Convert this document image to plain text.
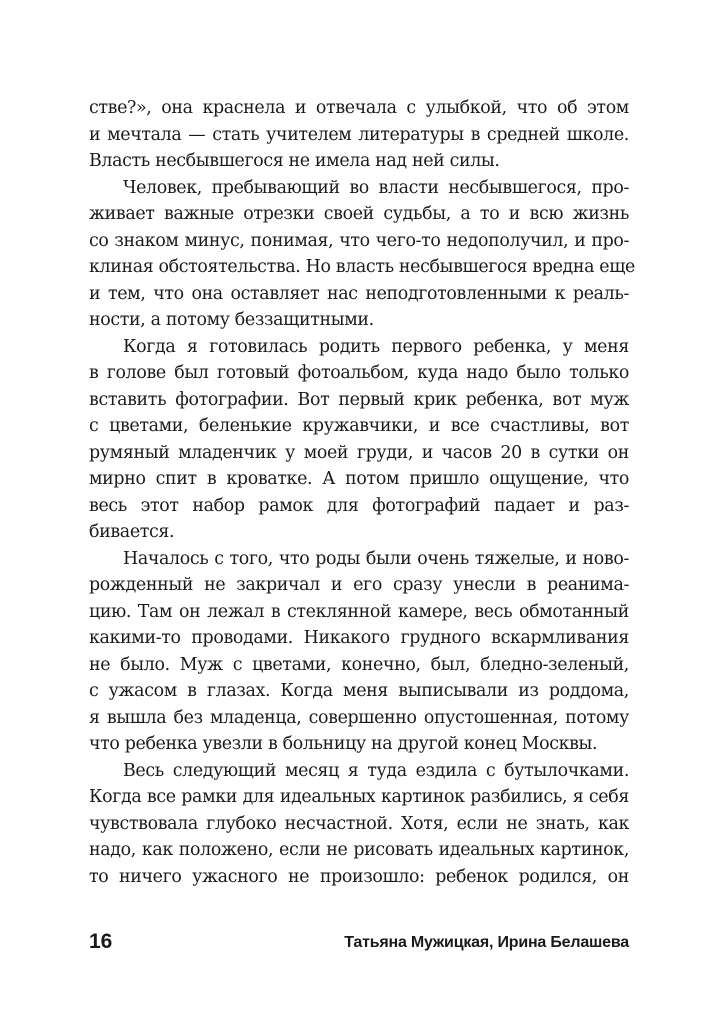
стве?», она краснела и отвечала с улыбкой, что об этом
и мечтала — стать учителем литературы в средней школе.
Власть несбывшегося не имела над ней силы.
Человек, пребывающий во власти несбывшегося, про-
живает важные отрезки своей судьбы, а то и всю жизнь
со знаком минус, понимая, что чего-то недополучил, и про-
клиная обстоятельства. Но власть несбывшегося вредна еще
и тем, что она оставляет нас неподготовленными к реаль-
ности, а потому беззащитными.
Когда я готовилась родить первого ребенка, у меня
в голове был готовый фотоальбом, куда надо было только
вставить фотографии. Вот первый крик ребенка, вот муж
с цветами, беленькие кружавчики, и все счастливы, вот
румяный младенчик у моей груди, и часов 20 в сутки он
мирно спит в кроватке. А потом пришло ощущение, что
весь этот набор рамок для фотографий падает и раз-
бивается.
Началось с того, что роды были очень тяжелые, и ново-
рожденный не закричал и его сразу унесли в реанима-
цию. Там он лежал в стеклянной камере, весь обмотанный
какими-то проводами. Никакого грудного вскармливания
не было. Муж с цветами, конечно, был, бледно-зеленый,
с ужасом в глазах. Когда меня выписывали из роддома,
я вышла без младенца, совершенно опустошенная, потому
что ребенка увезли в больницу на другой конец Москвы.
Весь следующий месяц я туда ездила с бутылочками.
Когда все рамки для идеальных картинок разбились, я себя
чувствовала глубоко несчастной. Хотя, если не знать, как
надо, как положено, если не рисовать идеальных картинок,
то ничего ужасного не произошло: ребенок родился, он
16	Татьяна Мужицкая, Ирина Белашева
